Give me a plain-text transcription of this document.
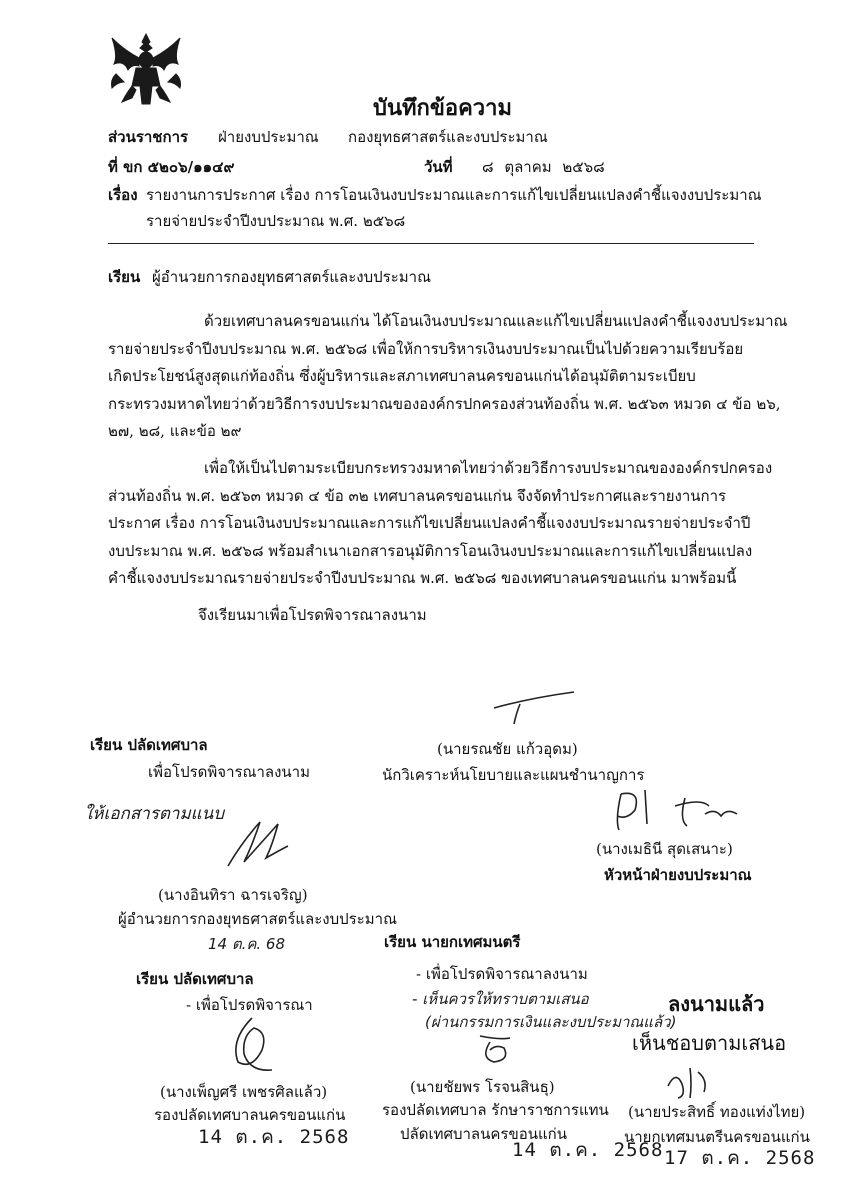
บันทึกข้อความ
ส่วนราชการ ฝ่ายงบประมาณ กองยุทธศาสตร์และงบประมาณ
ที่ ขก ๕๒๐๖/๑๑๔๙	วันที่ ๘ ตุลาคม ๒๕๖๘
เรื่อง รายงานการประกาศ เรื่อง การโอนเงินงบประมาณและการแก้ไขเปลี่ยนแปลงคำชี้แจงงบประมาณ
รายจ่ายประจำปีงบประมาณ พ.ศ. ๒๕๖๘
เรียน ผู้อำนวยการกองยุทธศาสตร์และงบประมาณ
ด้วยเทศบาลนครขอนแก่น ได้โอนเงินงบประมาณและแก้ไขเปลี่ยนแปลงคำชี้แจงงบประมาณ
รายจ่ายประจำปีงบประมาณ พ.ศ. ๒๕๖๘ เพื่อให้การบริหารเงินงบประมาณเป็นไปด้วยความเรียบร้อย
เกิดประโยชน์สูงสุดแก่ท้องถิ่น ซึ่งผู้บริหารและสภาเทศบาลนครขอนแก่นได้อนุมัติตามระเบียบ
กระทรวงมหาดไทยว่าด้วยวิธีการงบประมาณขององค์กรปกครองส่วนท้องถิ่น พ.ศ. ๒๕๖๓ หมวด ๔ ข้อ ๒๖,
๒๗, ๒๘, และข้อ ๒๙
เพื่อให้เป็นไปตามระเบียบกระทรวงมหาดไทยว่าด้วยวิธีการงบประมาณขององค์กรปกครอง
ส่วนท้องถิ่น พ.ศ. ๒๕๖๓ หมวด ๔ ข้อ ๓๒ เทศบาลนครขอนแก่น จึงจัดทำประกาศและรายงานการ
ประกาศ เรื่อง การโอนเงินงบประมาณและการแก้ไขเปลี่ยนแปลงคำชี้แจงงบประมาณรายจ่ายประจำปี
งบประมาณ พ.ศ. ๒๕๖๘ พร้อมสำเนาเอกสารอนุมัติการโอนเงินงบประมาณและการแก้ไขเปลี่ยนแปลง
คำชี้แจงงบประมาณรายจ่ายประจำปีงบประมาณ พ.ศ. ๒๕๖๘ ของเทศบาลนครขอนแก่น มาพร้อมนี้
จึงเรียนมาเพื่อโปรดพิจารณาลงนาม
(นายรณชัย แก้วอุดม)
นักวิเคราะห์นโยบายและแผนชำนาญการ
(นางเมธินี สุดเสนาะ)
หัวหน้าฝ่ายงบประมาณ
เรียน ปลัดเทศบาล
เพื่อโปรดพิจารณาลงนาม
ให้เอกสารตามแนบ
(นางอินทิรา ฉารเจริญ)
ผู้อำนวยการกองยุทธศาสตร์และงบประมาณ
14 ต.ค. 68
เรียน ปลัดเทศบาล
- เพื่อโปรดพิจารณา
(นางเพ็ญศรี เพชรศิลแล้ว)
รองปลัดเทศบาลนครขอนแก่น
14 ต.ค. 2568
เรียน นายกเทศมนตรี
- เพื่อโปรดพิจารณาลงนาม
- เห็นควรให้ทราบตามเสนอ
(ผ่านกรรมการเงินและงบประมาณแล้ว)
(นายชัยพร โรจนสินธุ)
รองปลัดเทศบาล รักษาราชการแทน
ปลัดเทศบาลนครขอนแก่น
14 ต.ค. 2568
ลงนามแล้ว
เห็นชอบตามเสนอ
(นายประสิทธิ์ ทองแท่งไทย)
นายกเทศมนตรีนครขอนแก่น
17 ต.ค. 2568
